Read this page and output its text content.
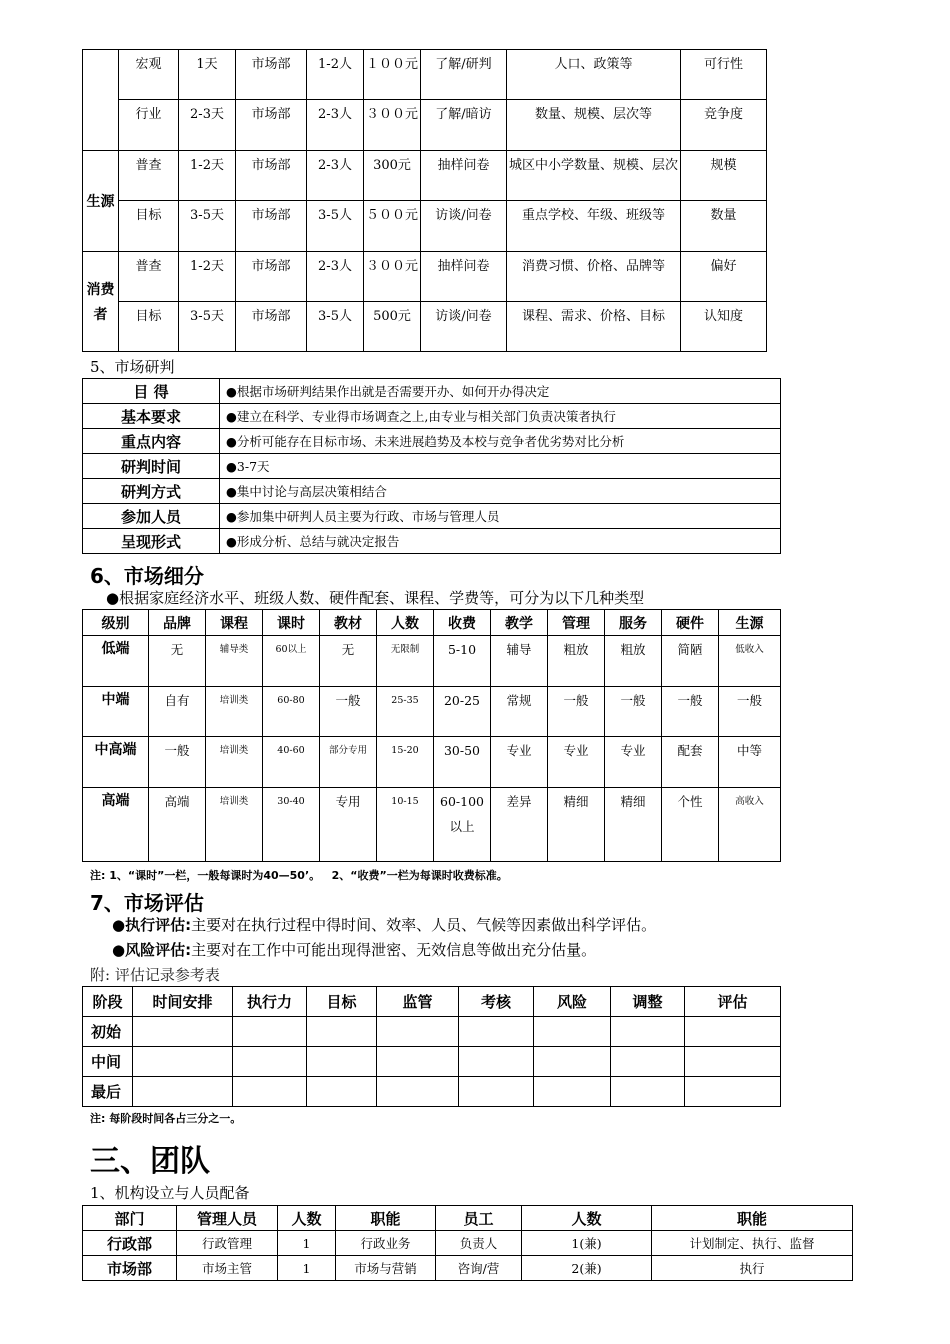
	宏观	1天	市场部	1-2人	１００元	了解/研判	人口、政策等	可行性
	行业	2-3天	市场部	2-3人	３００元	了解/暗访	数量、规模、层次等	竞争度
生源	普查	1-2天	市场部	2-3人	300元	抽样问卷	城区中小学数量、规模、层次	规模
	目标	3-5天	市场部	3-5人	５００元	访谈/问卷	重点学校、年级、班级等	数量
消费者	普查	1-2天	市场部	2-3人	３００元	抽样问卷	消费习惯、价格、品牌等	偏好
	目标	3-5天	市场部	3-5人	500元	访谈/问卷	课程、需求、价格、目标	认知度
5、市场研判
目 得	●根据市场研判结果作出就是否需要开办、如何开办得决定
基本要求	●建立在科学、专业得市场调查之上,由专业与相关部门负责决策者执行
重点内容	●分析可能存在目标市场、未来进展趋势及本校与竞争者优劣势对比分析
研判时间	●3-7天
研判方式	●集中讨论与高层决策相结合
参加人员	●参加集中研判人员主要为行政、市场与管理人员
呈现形式	●形成分析、总结与就决定报告
6、市场细分
●根据家庭经济水平、班级人数、硬件配套、课程、学费等，可分为以下几种类型
级别	品牌	课程	课时	教材	人数	收费	教学	管理	服务	硬件	生源
低端	无	辅导类	60以上	无	无限制	5-10	辅导	粗放	粗放	简陋	低收入
中端	自有	培训类	60-80	一般	25-35	20-25	常规	一般	一般	一般	一般
中高端	一般	培训类	40-60	部分专用	15-20	30-50	专业	专业	专业	配套	中等
高端	高端	培训类	30-40	专用	10-15	60-100以上	差异	精细	精细	个性	高收入
注: 1、“课时”一栏，一般每课时为40—50’。   2、“收费”一栏为每课时收费标准。
7、市场评估
●执行评估:主要对在执行过程中得时间、效率、人员、气候等因素做出科学评估。
●风险评估:主要对在工作中可能出现得泄密、无效信息等做出充分估量。
附: 评估记录参考表
阶段	时间安排	执行力	目标	监管	考核	风险	调整	评估
初始								
中间								
最后								
注: 每阶段时间各占三分之一。
三、团队
1、机构设立与人员配备
部门	管理人员	人数	职能	员工	人数	职能
行政部	行政管理	1	行政业务	负责人	1(兼)	计划制定、执行、监督
市场部	市场主管	1	市场与营销	咨询/营	2(兼)	执行
